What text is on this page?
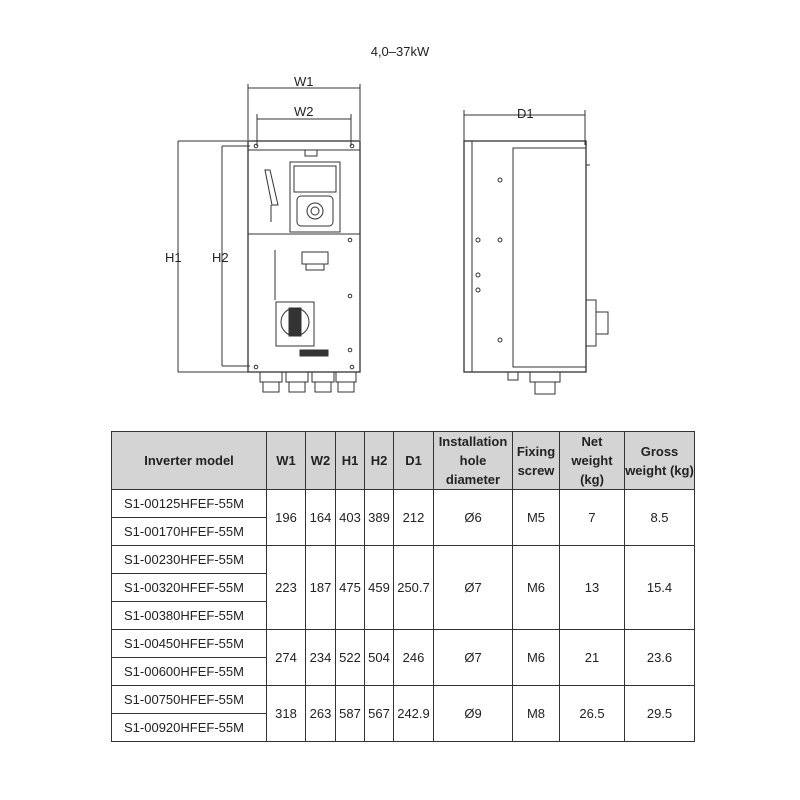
4,0–37kW
W1
W2
H1 H2
D1
Inverter model	W1	W2	H1	H2	D1	Installation hole diameter	Fixing screw	Net weight (kg)	Gross weight (kg)
S1-00125HFEF-55M	196	164	403	389	212	Ø6	M5	7	8.5
S1-00170HFEF-55M									
S1-00230HFEF-55M	223	187	475	459	250.7	Ø7	M6	13	15.4
S1-00320HFEF-55M									
S1-00380HFEF-55M									
S1-00450HFEF-55M	274	234	522	504	246	Ø7	M6	21	23.6
S1-00600HFEF-55M									
S1-00750HFEF-55M	318	263	587	567	242.9	Ø9	M8	26.5	29.5
S1-00920HFEF-55M									
